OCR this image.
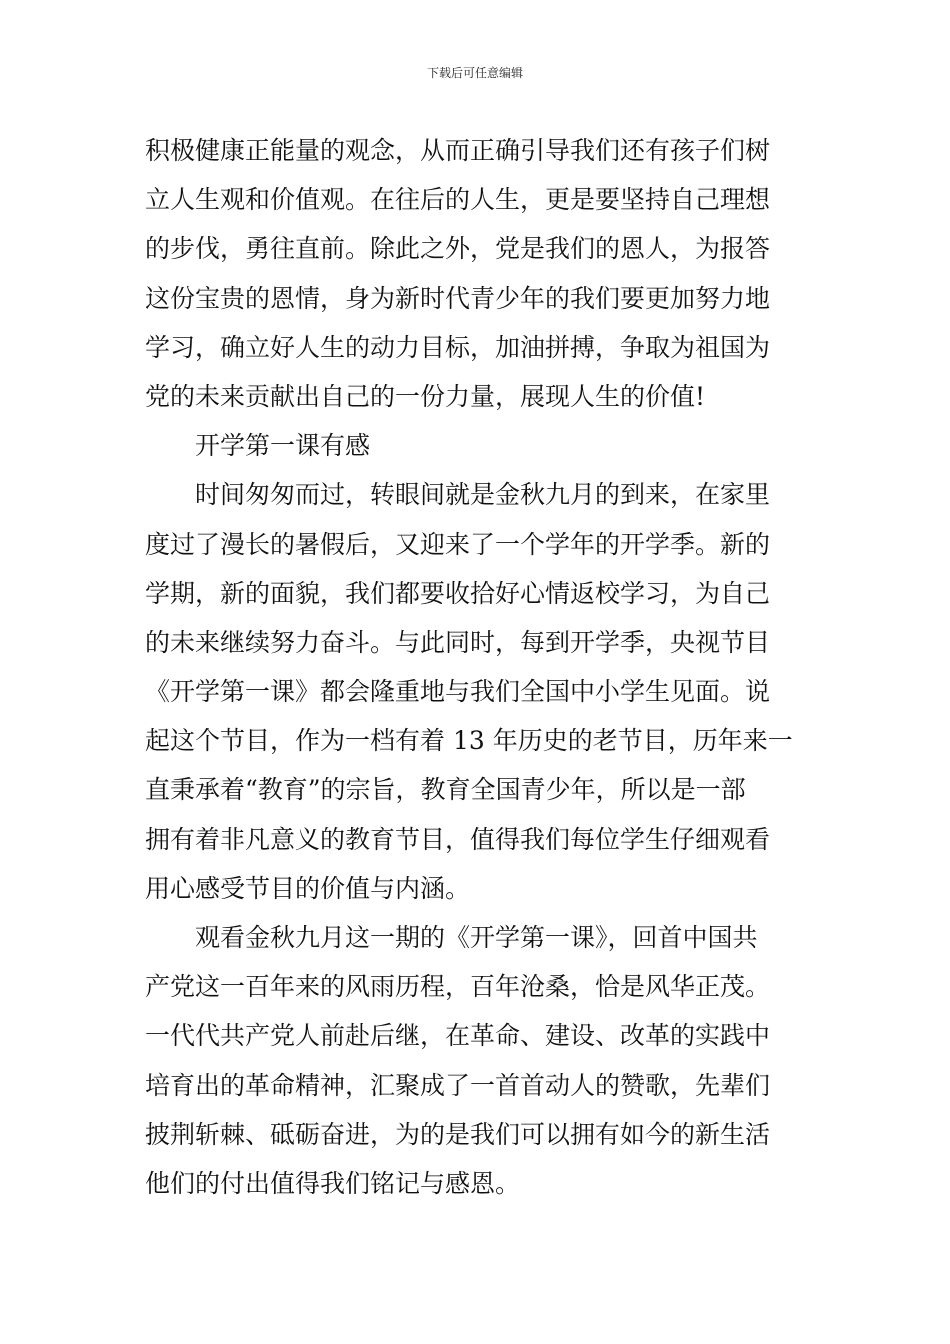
下载后可任意编辑
积极健康正能量的观念，从而正确引导我们还有孩子们树
立人生观和价值观。在往后的人生，更是要坚持自己理想
的步伐，勇往直前。除此之外，党是我们的恩人，为报答
这份宝贵的恩情，身为新时代青少年的我们要更加努力地
学习，确立好人生的动力目标，加油拼搏，争取为祖国为
党的未来贡献出自己的一份力量，展现人生的价值!
开学第一课有感
时间匆匆而过，转眼间就是金秋九月的到来，在家里
度过了漫长的暑假后，又迎来了一个学年的开学季。新的
学期，新的面貌，我们都要收拾好心情返校学习，为自己
的未来继续努力奋斗。与此同时，每到开学季，央视节目
《开学第一课》都会隆重地与我们全国中小学生见面。说
起这个节目，作为一档有着 13 年历史的老节目，历年来一
直秉承着“教育”的宗旨，教育全国青少年，所以是一部
拥有着非凡意义的教育节目，值得我们每位学生仔细观看
用心感受节目的价值与内涵。
观看金秋九月这一期的《开学第一课》，回首中国共
产党这一百年来的风雨历程，百年沧桑，恰是风华正茂。
一代代共产党人前赴后继，在革命、建设、改革的实践中
培育出的革命精神，汇聚成了一首首动人的赞歌，先辈们
披荆斩棘、砥砺奋进，为的是我们可以拥有如今的新生活
他们的付出值得我们铭记与感恩。
